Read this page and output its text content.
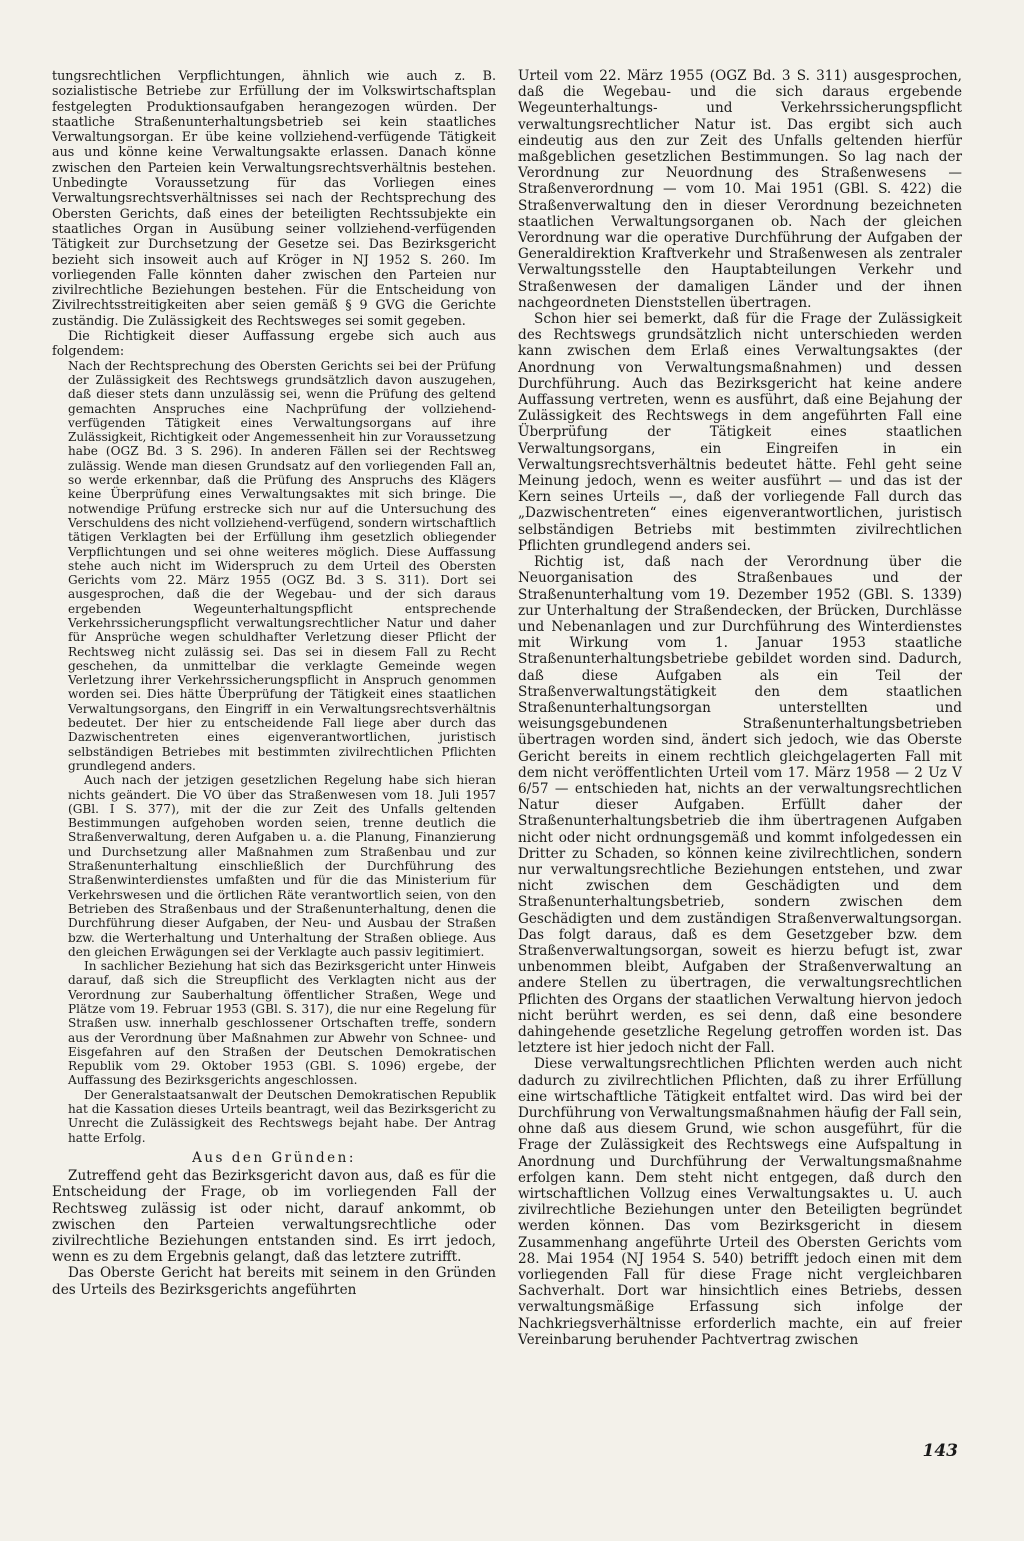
tungsrechtlichen Verpflichtungen, ähnlich wie auch z. B. sozialistische Betriebe zur Erfüllung der im Volkswirtschaftsplan festgelegten Produktionsaufgaben herangezogen würden. Der staatliche Straßenunterhaltungsbetrieb sei kein staatliches Verwaltungsorgan. Er übe keine vollziehend-verfügende Tätigkeit aus und könne keine Verwaltungsakte erlassen. Danach könne zwischen den Parteien kein Verwaltungsrechtsverhältnis bestehen. Unbedingte Voraussetzung für das Vorliegen eines Verwaltungsrechtsverhältnisses sei nach der Rechtsprechung des Obersten Gerichts, daß eines der beteiligten Rechtssubjekte ein staatliches Organ in Ausübung seiner vollziehend-verfügenden Tätigkeit zur Durchsetzung der Gesetze sei. Das Bezirksgericht bezieht sich insoweit auch auf Kröger in NJ 1952 S. 260. Im vorliegenden Falle könnten daher zwischen den Parteien nur zivilrechtliche Beziehungen bestehen. Für die Entscheidung von Zivilrechtsstreitigkeiten aber seien gemäß § 9 GVG die Gerichte zuständig. Die Zulässigkeit des Rechtsweges sei somit gegeben.

Die Richtigkeit dieser Auffassung ergebe sich auch aus folgendem:

Nach der Rechtsprechung des Obersten Gerichts sei bei der Prüfung der Zulässigkeit des Rechtswegs grundsätzlich davon auszugehen, daß dieser stets dann unzulässig sei, wenn die Prüfung des geltend gemachten Anspruches eine Nachprüfung der vollziehend-verfügenden Tätigkeit eines Verwaltungsorgans auf ihre Zulässigkeit, Richtigkeit oder Angemessenheit hin zur Voraussetzung habe (OGZ Bd. 3 S. 296). In anderen Fällen sei der Rechtsweg zulässig. Wende man diesen Grundsatz auf den vorliegenden Fall an, so werde erkennbar, daß die Prüfung des Anspruchs des Klägers keine Überprüfung eines Verwaltungsaktes mit sich bringe. Die notwendige Prüfung erstrecke sich nur auf die Untersuchung des Verschuldens des nicht vollziehend-verfügend, sondern wirtschaftlich tätigen Verklagten bei der Erfüllung ihm gesetzlich obliegender Verpflichtungen und sei ohne weiteres möglich. Diese Auffassung stehe auch nicht im Widerspruch zu dem Urteil des Obersten Gerichts vom 22. März 1955 (OGZ Bd. 3 S. 311). Dort sei ausgesprochen, daß die der Wegebau- und der sich daraus ergebenden Wegeunterhaltungspflicht entsprechende Verkehrssicherungspflicht verwaltungsrechtlicher Natur und daher für Ansprüche wegen schuldhafter Verletzung dieser Pflicht der Rechtsweg nicht zulässig sei. Das sei in diesem Fall zu Recht geschehen, da unmittelbar die verklagte Gemeinde wegen Verletzung ihrer Verkehrssicherungspflicht in Anspruch genommen worden sei. Dies hätte Überprüfung der Tätigkeit eines staatlichen Verwaltungsorgans, den Eingriff in ein Verwaltungsrechtsverhältnis bedeutet. Der hier zu entscheidende Fall liege aber durch das Dazwischentreten eines eigenverantwortlichen, juristisch selbständigen Betriebes mit bestimmten zivilrechtlichen Pflichten grundlegend anders.

Auch nach der jetzigen gesetzlichen Regelung habe sich hieran nichts geändert. Die VO über das Straßenwesen vom 18. Juli 1957 (GBl. I S. 377), mit der die zur Zeit des Unfalls geltenden Bestimmungen aufgehoben worden seien, trenne deutlich die Straßenverwaltung, deren Aufgaben u. a. die Planung, Finanzierung und Durchsetzung aller Maßnahmen zum Straßenbau und zur Straßenunterhaltung einschließlich der Durchführung des Straßenwinterdienstes umfaßten und für die das Ministerium für Verkehrswesen und die örtlichen Räte verantwortlich seien, von den Betrieben des Straßenbaus und der Straßenunterhaltung, denen die Durchführung dieser Aufgaben, der Neu- und Ausbau der Straßen bzw. die Werterhaltung und Unterhaltung der Straßen obliege. Aus den gleichen Erwägungen sei der Verklagte auch passiv legitimiert.

In sachlicher Beziehung hat sich das Bezirksgericht unter Hinweis darauf, daß sich die Streupflicht des Verklagten nicht aus der Verordnung zur Sauberhaltung öffentlicher Straßen, Wege und Plätze vom 19. Februar 1953 (GBl. S. 317), die nur eine Regelung für Straßen usw. innerhalb geschlossener Ortschaften treffe, sondern aus der Verordnung über Maßnahmen zur Abwehr von Schnee- und Eisgefahren auf den Straßen der Deutschen Demokratischen Republik vom 29. Oktober 1953 (GBl. S. 1096) ergebe, der Auffassung des Bezirksgerichts angeschlossen.

Der Generalstaatsanwalt der Deutschen Demokratischen Republik hat die Kassation dieses Urteils beantragt, weil das Bezirksgericht zu Unrecht die Zulässigkeit des Rechtswegs bejaht habe. Der Antrag hatte Erfolg.

Aus den Gründen:

Zutreffend geht das Bezirksgericht davon aus, daß es für die Entscheidung der Frage, ob im vorliegenden Fall der Rechtsweg zulässig ist oder nicht, darauf ankommt, ob zwischen den Parteien verwaltungsrechtliche oder zivilrechtliche Beziehungen entstanden sind. Es irrt jedoch, wenn es zu dem Ergebnis gelangt, daß das letztere zutrifft.

Das Oberste Gericht hat bereits mit seinem in den Gründen des Urteils des Bezirksgerichts angeführten

Urteil vom 22. März 1955 (OGZ Bd. 3 S. 311) ausgesprochen, daß die Wegebau- und die sich daraus ergebende Wegeunterhaltungs- und Verkehrssicherungspflicht verwaltungsrechtlicher Natur ist. Das ergibt sich auch eindeutig aus den zur Zeit des Unfalls geltenden hierfür maßgeblichen gesetzlichen Bestimmungen. So lag nach der Verordnung zur Neuordnung des Straßenwesens — Straßenverordnung — vom 10. Mai 1951 (GBl. S. 422) die Straßenverwaltung den in dieser Verordnung bezeichneten staatlichen Verwaltungsorganen ob. Nach der gleichen Verordnung war die operative Durchführung der Aufgaben der Generaldirektion Kraftverkehr und Straßenwesen als zentraler Verwaltungsstelle den Hauptabteilungen Verkehr und Straßenwesen der damaligen Länder und der ihnen nachgeordneten Dienststellen übertragen.

Schon hier sei bemerkt, daß für die Frage der Zulässigkeit des Rechtswegs grundsätzlich nicht unterschieden werden kann zwischen dem Erlaß eines Verwaltungsaktes (der Anordnung von Verwaltungsmaßnahmen) und dessen Durchführung. Auch das Bezirksgericht hat keine andere Auffassung vertreten, wenn es ausführt, daß eine Bejahung der Zulässigkeit des Rechtswegs in dem angeführten Fall eine Überprüfung der Tätigkeit eines staatlichen Verwaltungsorgans, ein Eingreifen in ein Verwaltungsrechtsverhältnis bedeutet hätte. Fehl geht seine Meinung jedoch, wenn es weiter ausführt — und das ist der Kern seines Urteils —, daß der vorliegende Fall durch das „Dazwischentreten“ eines eigenverantwortlichen, juristisch selbständigen Betriebs mit bestimmten zivilrechtlichen Pflichten grundlegend anders sei.

Richtig ist, daß nach der Verordnung über die Neuorganisation des Straßenbaues und der Straßenunterhaltung vom 19. Dezember 1952 (GBl. S. 1339) zur Unterhaltung der Straßendecken, der Brücken, Durchlässe und Nebenanlagen und zur Durchführung des Winterdienstes mit Wirkung vom 1. Januar 1953 staatliche Straßenunterhaltungsbetriebe gebildet worden sind. Dadurch, daß diese Aufgaben als ein Teil der Straßenverwaltungstätigkeit den dem staatlichen Straßenunterhaltungsorgan unterstellten und weisungsgebundenen Straßenunterhaltungsbetrieben übertragen worden sind, ändert sich jedoch, wie das Oberste Gericht bereits in einem rechtlich gleichgelagerten Fall mit dem nicht veröffentlichten Urteil vom 17. März 1958 — 2 Uz V 6/57 — entschieden hat, nichts an der verwaltungsrechtlichen Natur dieser Aufgaben. Erfüllt daher der Straßenunterhaltungsbetrieb die ihm übertragenen Aufgaben nicht oder nicht ordnungsgemäß und kommt infolgedessen ein Dritter zu Schaden, so können keine zivilrechtlichen, sondern nur verwaltungsrechtliche Beziehungen entstehen, und zwar nicht zwischen dem Geschädigten und dem Straßenunterhaltungsbetrieb, sondern zwischen dem Geschädigten und dem zuständigen Straßenverwaltungsorgan. Das folgt daraus, daß es dem Gesetzgeber bzw. dem Straßenverwaltungsorgan, soweit es hierzu befugt ist, zwar unbenommen bleibt, Aufgaben der Straßenverwaltung an andere Stellen zu übertragen, die verwaltungsrechtlichen Pflichten des Organs der staatlichen Verwaltung hiervon jedoch nicht berührt werden, es sei denn, daß eine besondere dahingehende gesetzliche Regelung getroffen worden ist. Das letztere ist hier jedoch nicht der Fall.

Diese verwaltungsrechtlichen Pflichten werden auch nicht dadurch zu zivilrechtlichen Pflichten, daß zu ihrer Erfüllung eine wirtschaftliche Tätigkeit entfaltet wird. Das wird bei der Durchführung von Verwaltungsmaßnahmen häufig der Fall sein, ohne daß aus diesem Grund, wie schon ausgeführt, für die Frage der Zulässigkeit des Rechtswegs eine Aufspaltung in Anordnung und Durchführung der Verwaltungsmaßnahme erfolgen kann. Dem steht nicht entgegen, daß durch den wirtschaftlichen Vollzug eines Verwaltungsaktes u. U. auch zivilrechtliche Beziehungen unter den Beteiligten begründet werden können. Das vom Bezirksgericht in diesem Zusammenhang angeführte Urteil des Obersten Gerichts vom 28. Mai 1954 (NJ 1954 S. 540) betrifft jedoch einen mit dem vorliegenden Fall für diese Frage nicht vergleichbaren Sachverhalt. Dort war hinsichtlich eines Betriebs, dessen verwaltungsmäßige Erfassung sich infolge der Nachkriegsverhältnisse erforderlich machte, ein auf freier Vereinbarung beruhender Pachtvertrag zwischen

143
